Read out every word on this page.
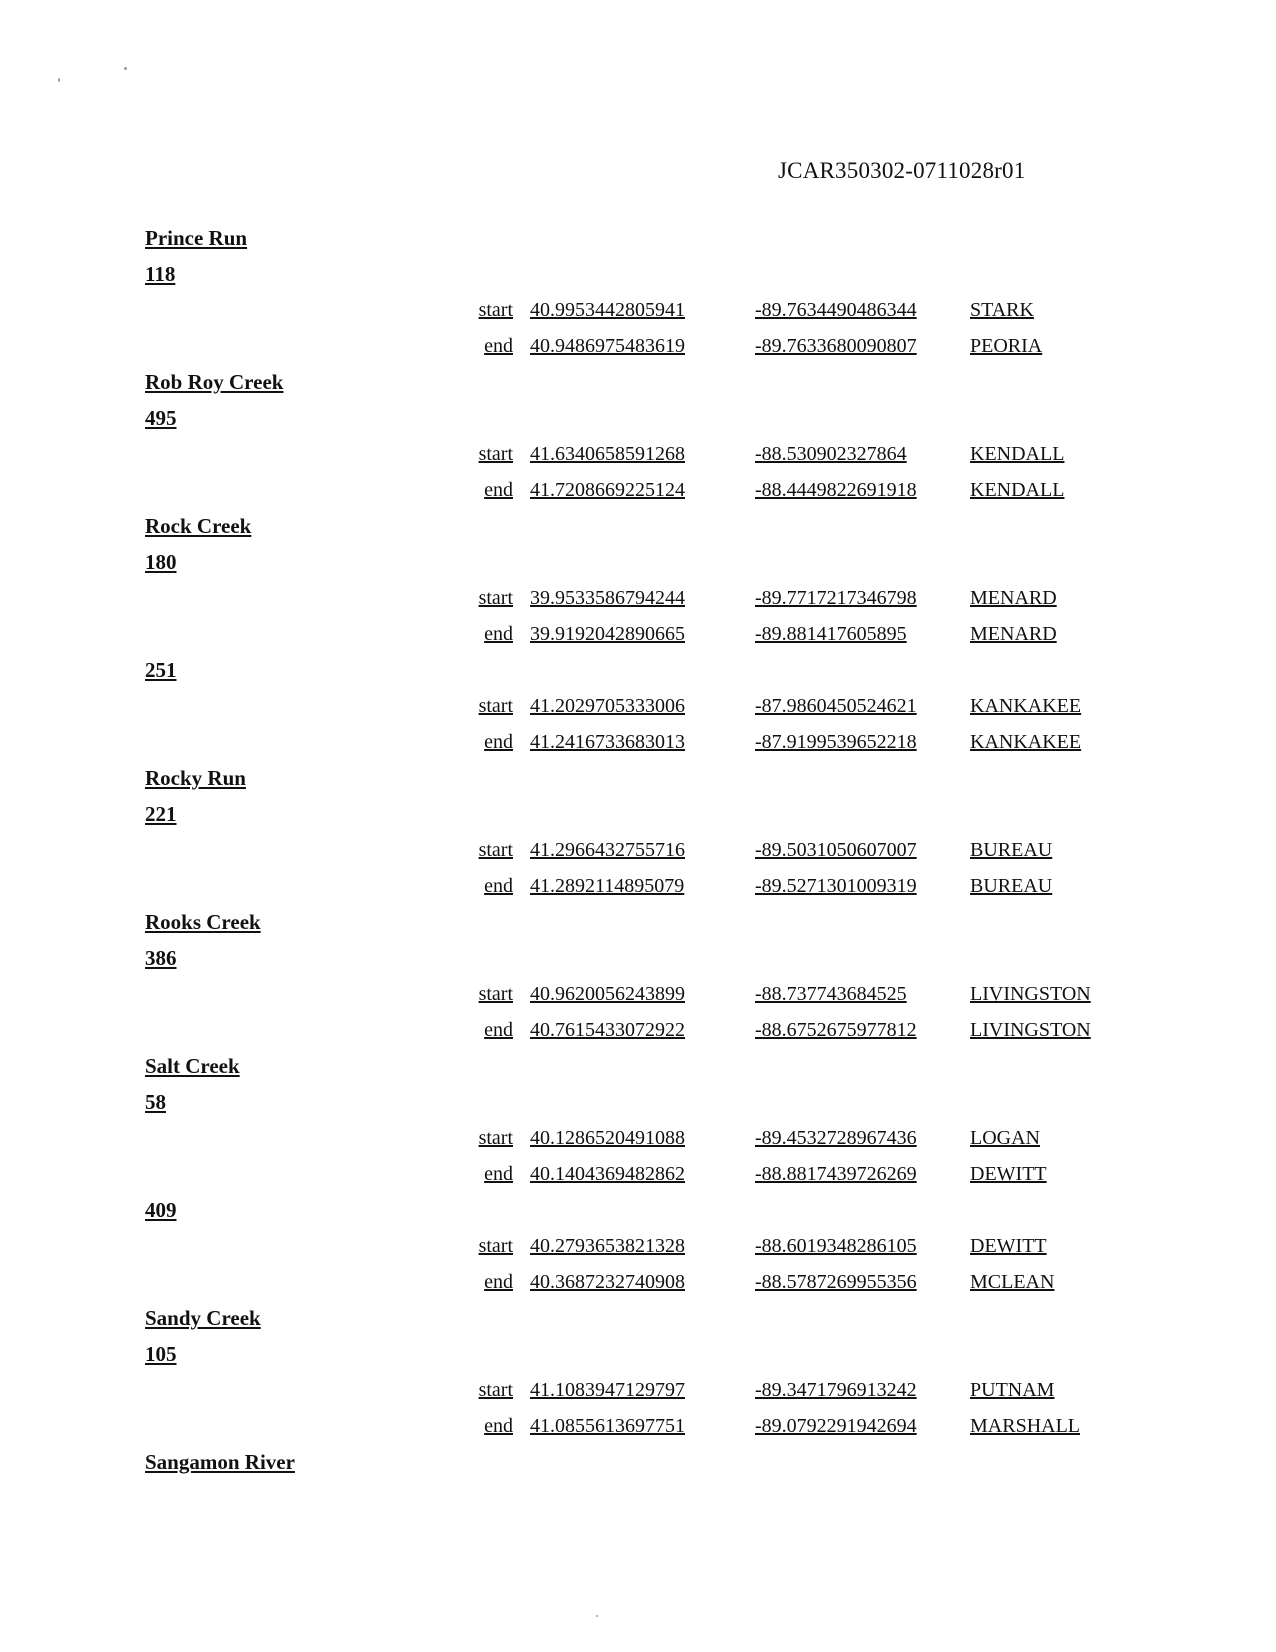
JCAR350302-0711028r01
Prince Run
118
start 40.9953442805941	-89.7634490486344	STARK
end 40.9486975483619	-89.7633680090807	PEORIA
Rob Roy Creek
495
start 41.6340658591268	-88.530902327864	KENDALL
end 41.7208669225124	-88.4449822691918	KENDALL
Rock Creek
180
start 39.9533586794244	-89.7717217346798	MENARD
end 39.9192042890665	-89.881417605895	MENARD
251
start 41.2029705333006	-87.9860450524621	KANKAKEE
end 41.2416733683013	-87.9199539652218	KANKAKEE
Rocky Run
221
start 41.2966432755716	-89.5031050607007	BUREAU
end 41.2892114895079	-89.5271301009319	BUREAU
Rooks Creek
386
start 40.9620056243899	-88.737743684525	LIVINGSTON
end 40.7615433072922	-88.6752675977812	LIVINGSTON
Salt Creek
58
start 40.1286520491088	-89.4532728967436	LOGAN
end 40.1404369482862	-88.8817439726269	DEWITT
409
start 40.2793653821328	-88.6019348286105	DEWITT
end 40.3687232740908	-88.5787269955356	MCLEAN
Sandy Creek
105
start 41.1083947129797	-89.3471796913242	PUTNAM
end 41.0855613697751	-89.0792291942694	MARSHALL
Sangamon River
